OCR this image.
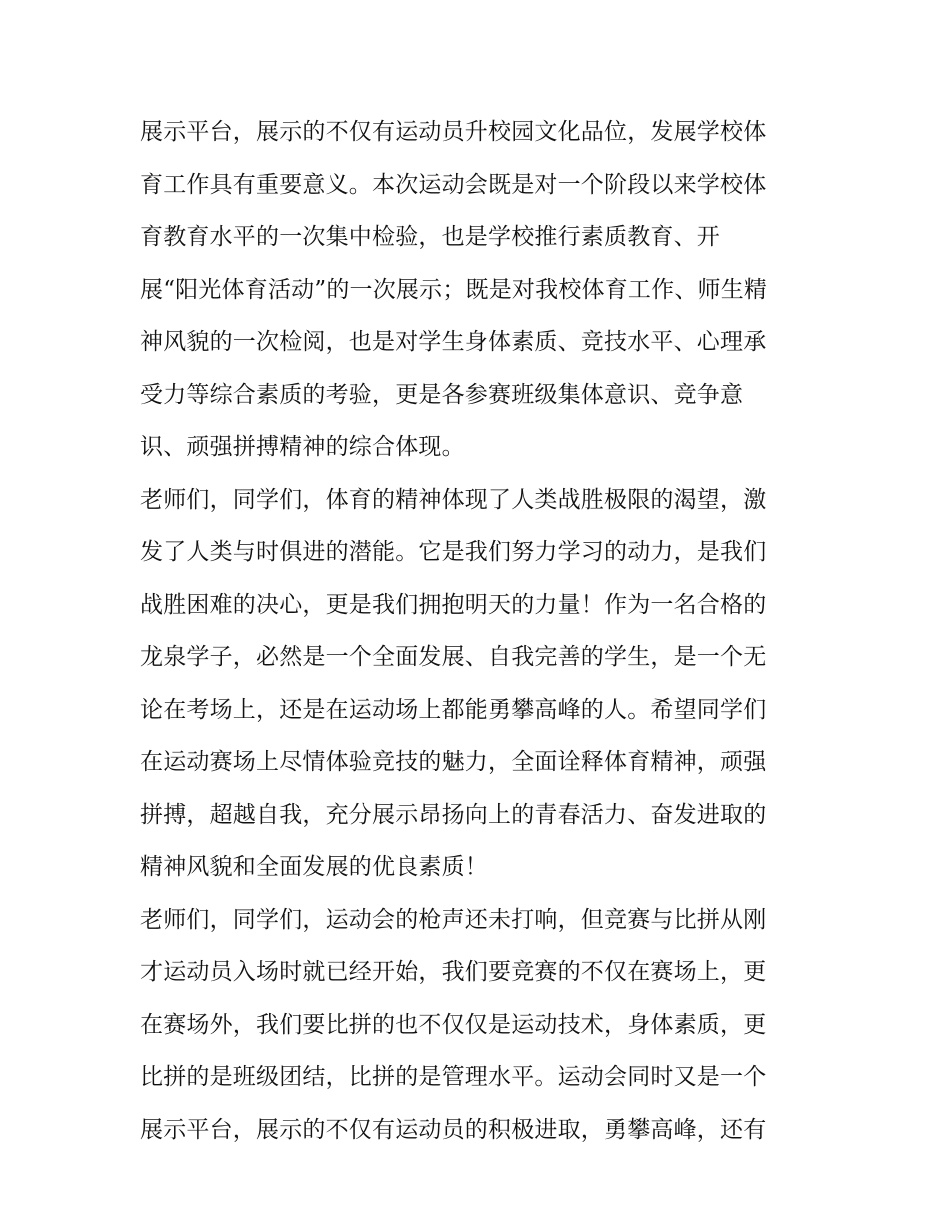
展示平台，展示的不仅有运动员升校园文化品位，发展学校体
育工作具有重要意义。本次运动会既是对一个阶段以来学校体
育教育水平的一次集中检验，也是学校推行素质教育、开
展“阳光体育活动”的一次展示；既是对我校体育工作、师生精
神风貌的一次检阅，也是对学生身体素质、竞技水平、心理承
受力等综合素质的考验，更是各参赛班级集体意识、竞争意
识、顽强拼搏精神的综合体现。
老师们，同学们，体育的精神体现了人类战胜极限的渴望，激
发了人类与时俱进的潜能。它是我们努力学习的动力，是我们
战胜困难的决心，更是我们拥抱明天的力量！作为一名合格的
龙泉学子，必然是一个全面发展、自我完善的学生，是一个无
论在考场上，还是在运动场上都能勇攀高峰的人。希望同学们
在运动赛场上尽情体验竞技的魅力，全面诠释体育精神，顽强
拼搏，超越自我，充分展示昂扬向上的青春活力、奋发进取的
精神风貌和全面发展的优良素质！
老师们，同学们，运动会的枪声还未打响，但竞赛与比拼从刚
才运动员入场时就已经开始，我们要竞赛的不仅在赛场上，更
在赛场外，我们要比拼的也不仅仅是运动技术，身体素质，更
比拼的是班级团结，比拼的是管理水平。运动会同时又是一个
展示平台，展示的不仅有运动员的积极进取，勇攀高峰，还有
